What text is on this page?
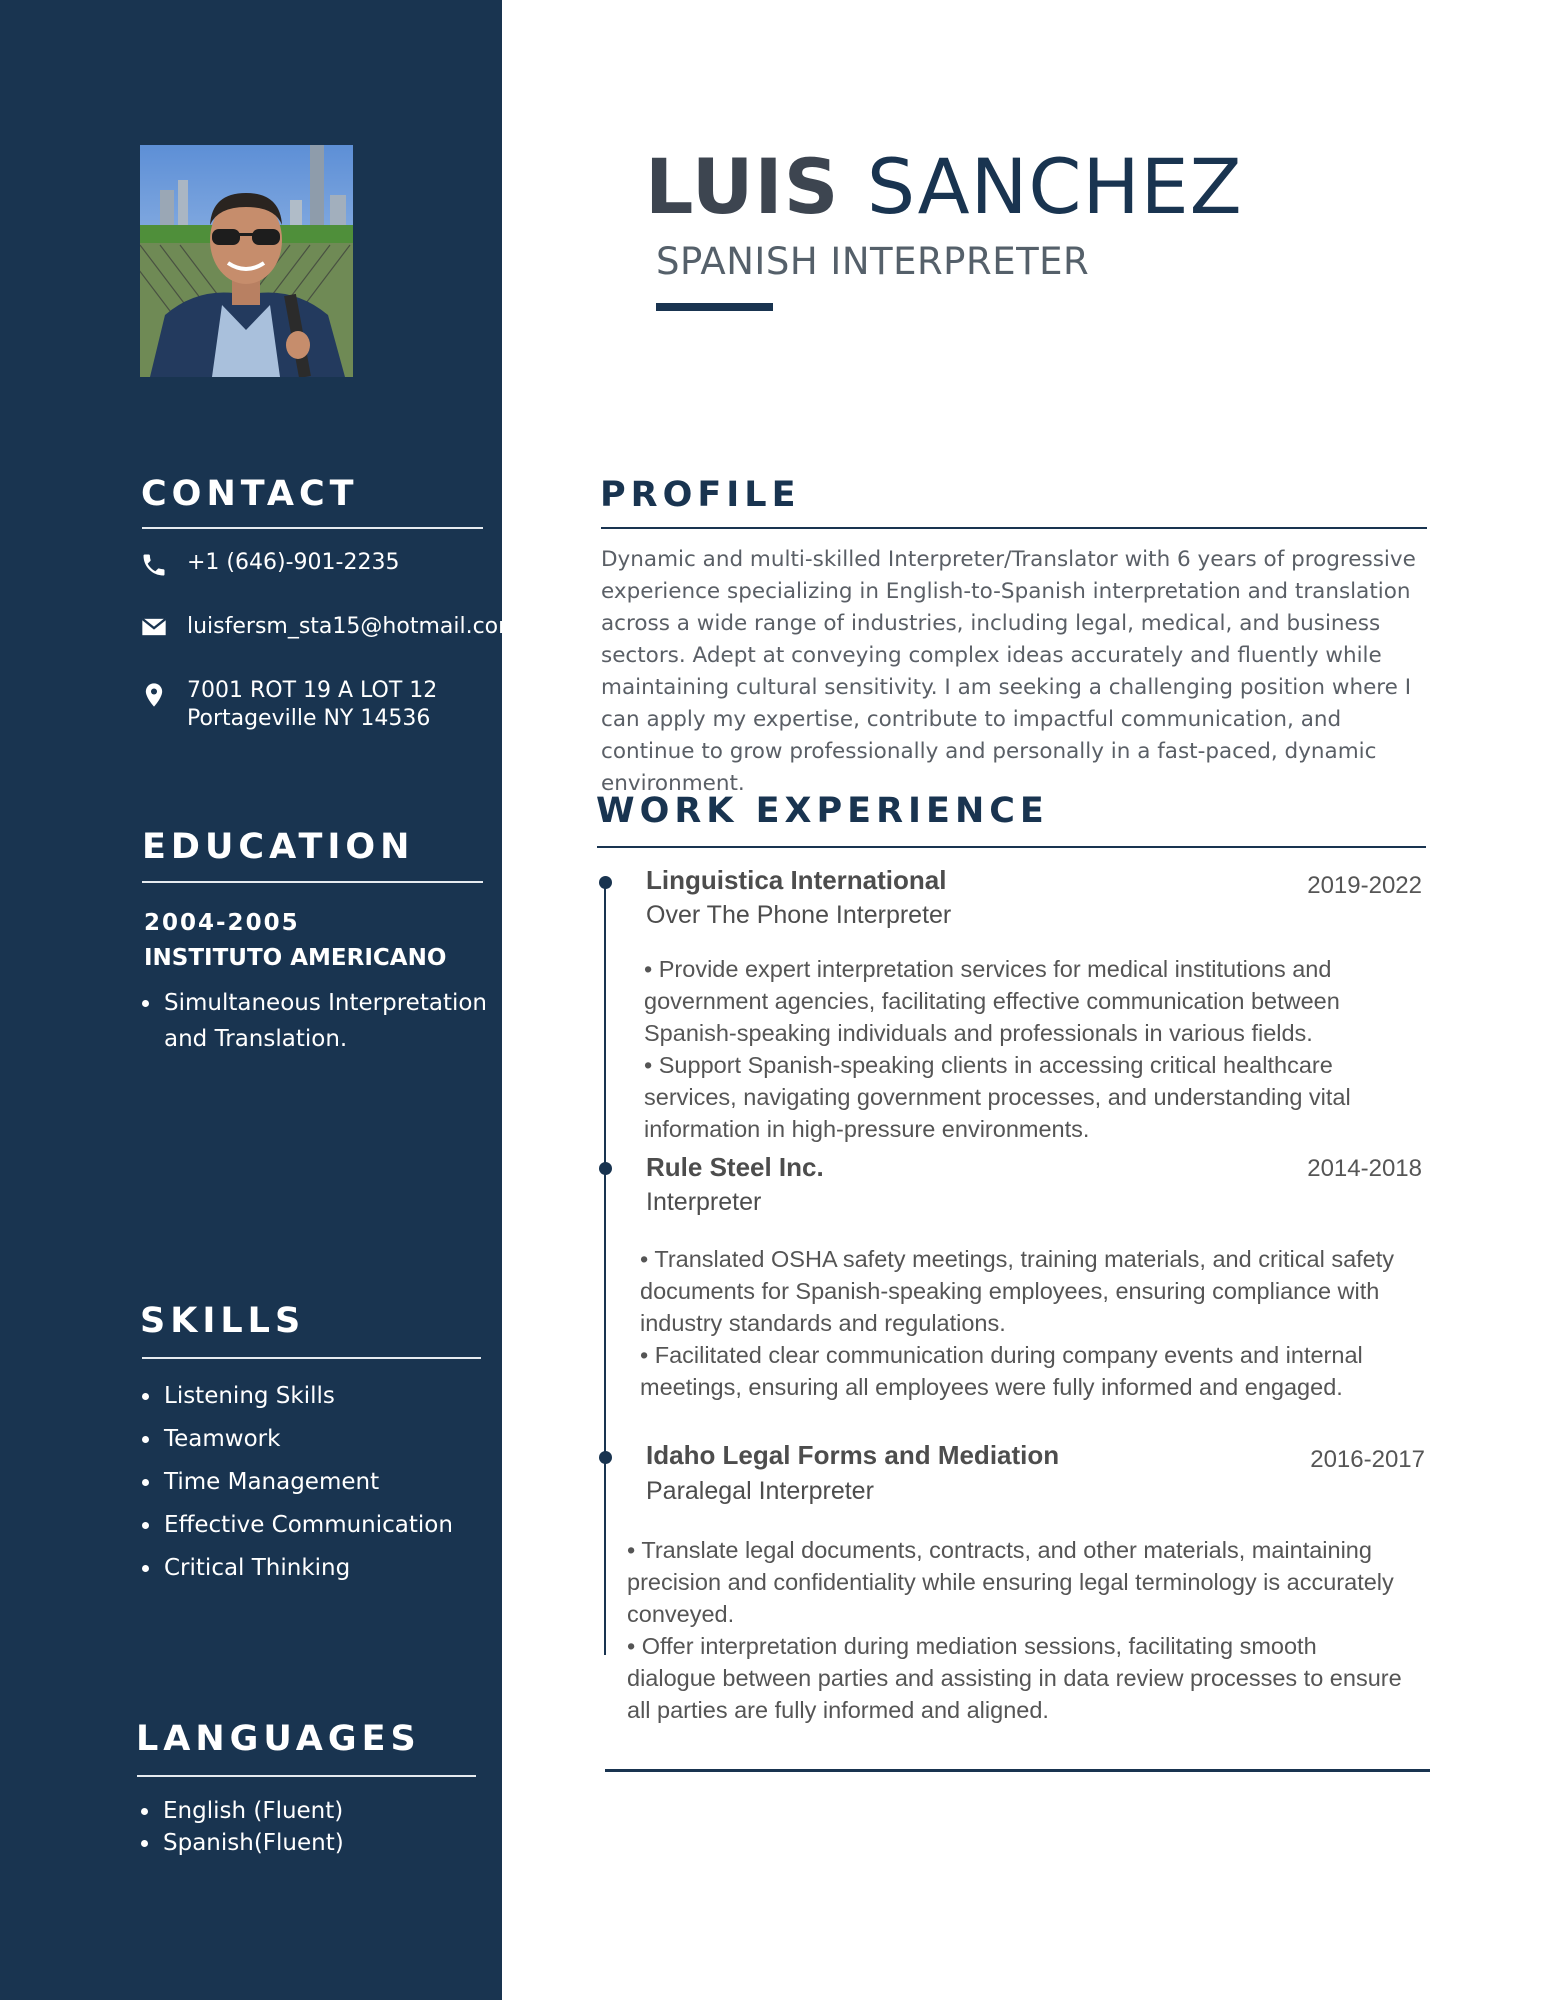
CONTACT
+1 (646)-901-2235
luisfersm_sta15@hotmail.com
7001 ROT 19 A LOT 12
Portageville NY 14536
EDUCATION
2004-2005
INSTITUTO AMERICANO
Simultaneous Interpretation and Translation.
SKILLS
Listening Skills
Teamwork
Time Management
Effective Communication
Critical Thinking
LANGUAGES
English (Fluent)
Spanish(Fluent)
LUIS SANCHEZ
SPANISH INTERPRETER
PROFILE
Dynamic and multi-skilled Interpreter/Translator with 6 years of progressive experience specializing in English-to-Spanish interpretation and translation across a wide range of industries, including legal, medical, and business sectors. Adept at conveying complex ideas accurately and fluently while maintaining cultural sensitivity. I am seeking a challenging position where I can apply my expertise, contribute to impactful communication, and continue to grow professionally and personally in a fast-paced, dynamic environment.
WORK EXPERIENCE
Linguistica International	2019-2022
Over The Phone Interpreter

• Provide expert interpretation services for medical institutions and government agencies, facilitating effective communication between Spanish-speaking individuals and professionals in various fields.

• Support Spanish-speaking clients in accessing critical healthcare services, navigating government processes, and understanding vital information in high-pressure environments.

Rule Steel Inc.	2014-2018
Interpreter

• Translated OSHA safety meetings, training materials, and critical safety documents for Spanish-speaking employees, ensuring compliance with industry standards and regulations.

• Facilitated clear communication during company events and internal meetings, ensuring all employees were fully informed and engaged.

Idaho Legal Forms and Mediation	2016-2017
Paralegal Interpreter

• Translate legal documents, contracts, and other materials, maintaining precision and confidentiality while ensuring legal terminology is accurately conveyed.

• Offer interpretation during mediation sessions, facilitating smooth dialogue between parties and assisting in data review processes to ensure all parties are fully informed and aligned.
